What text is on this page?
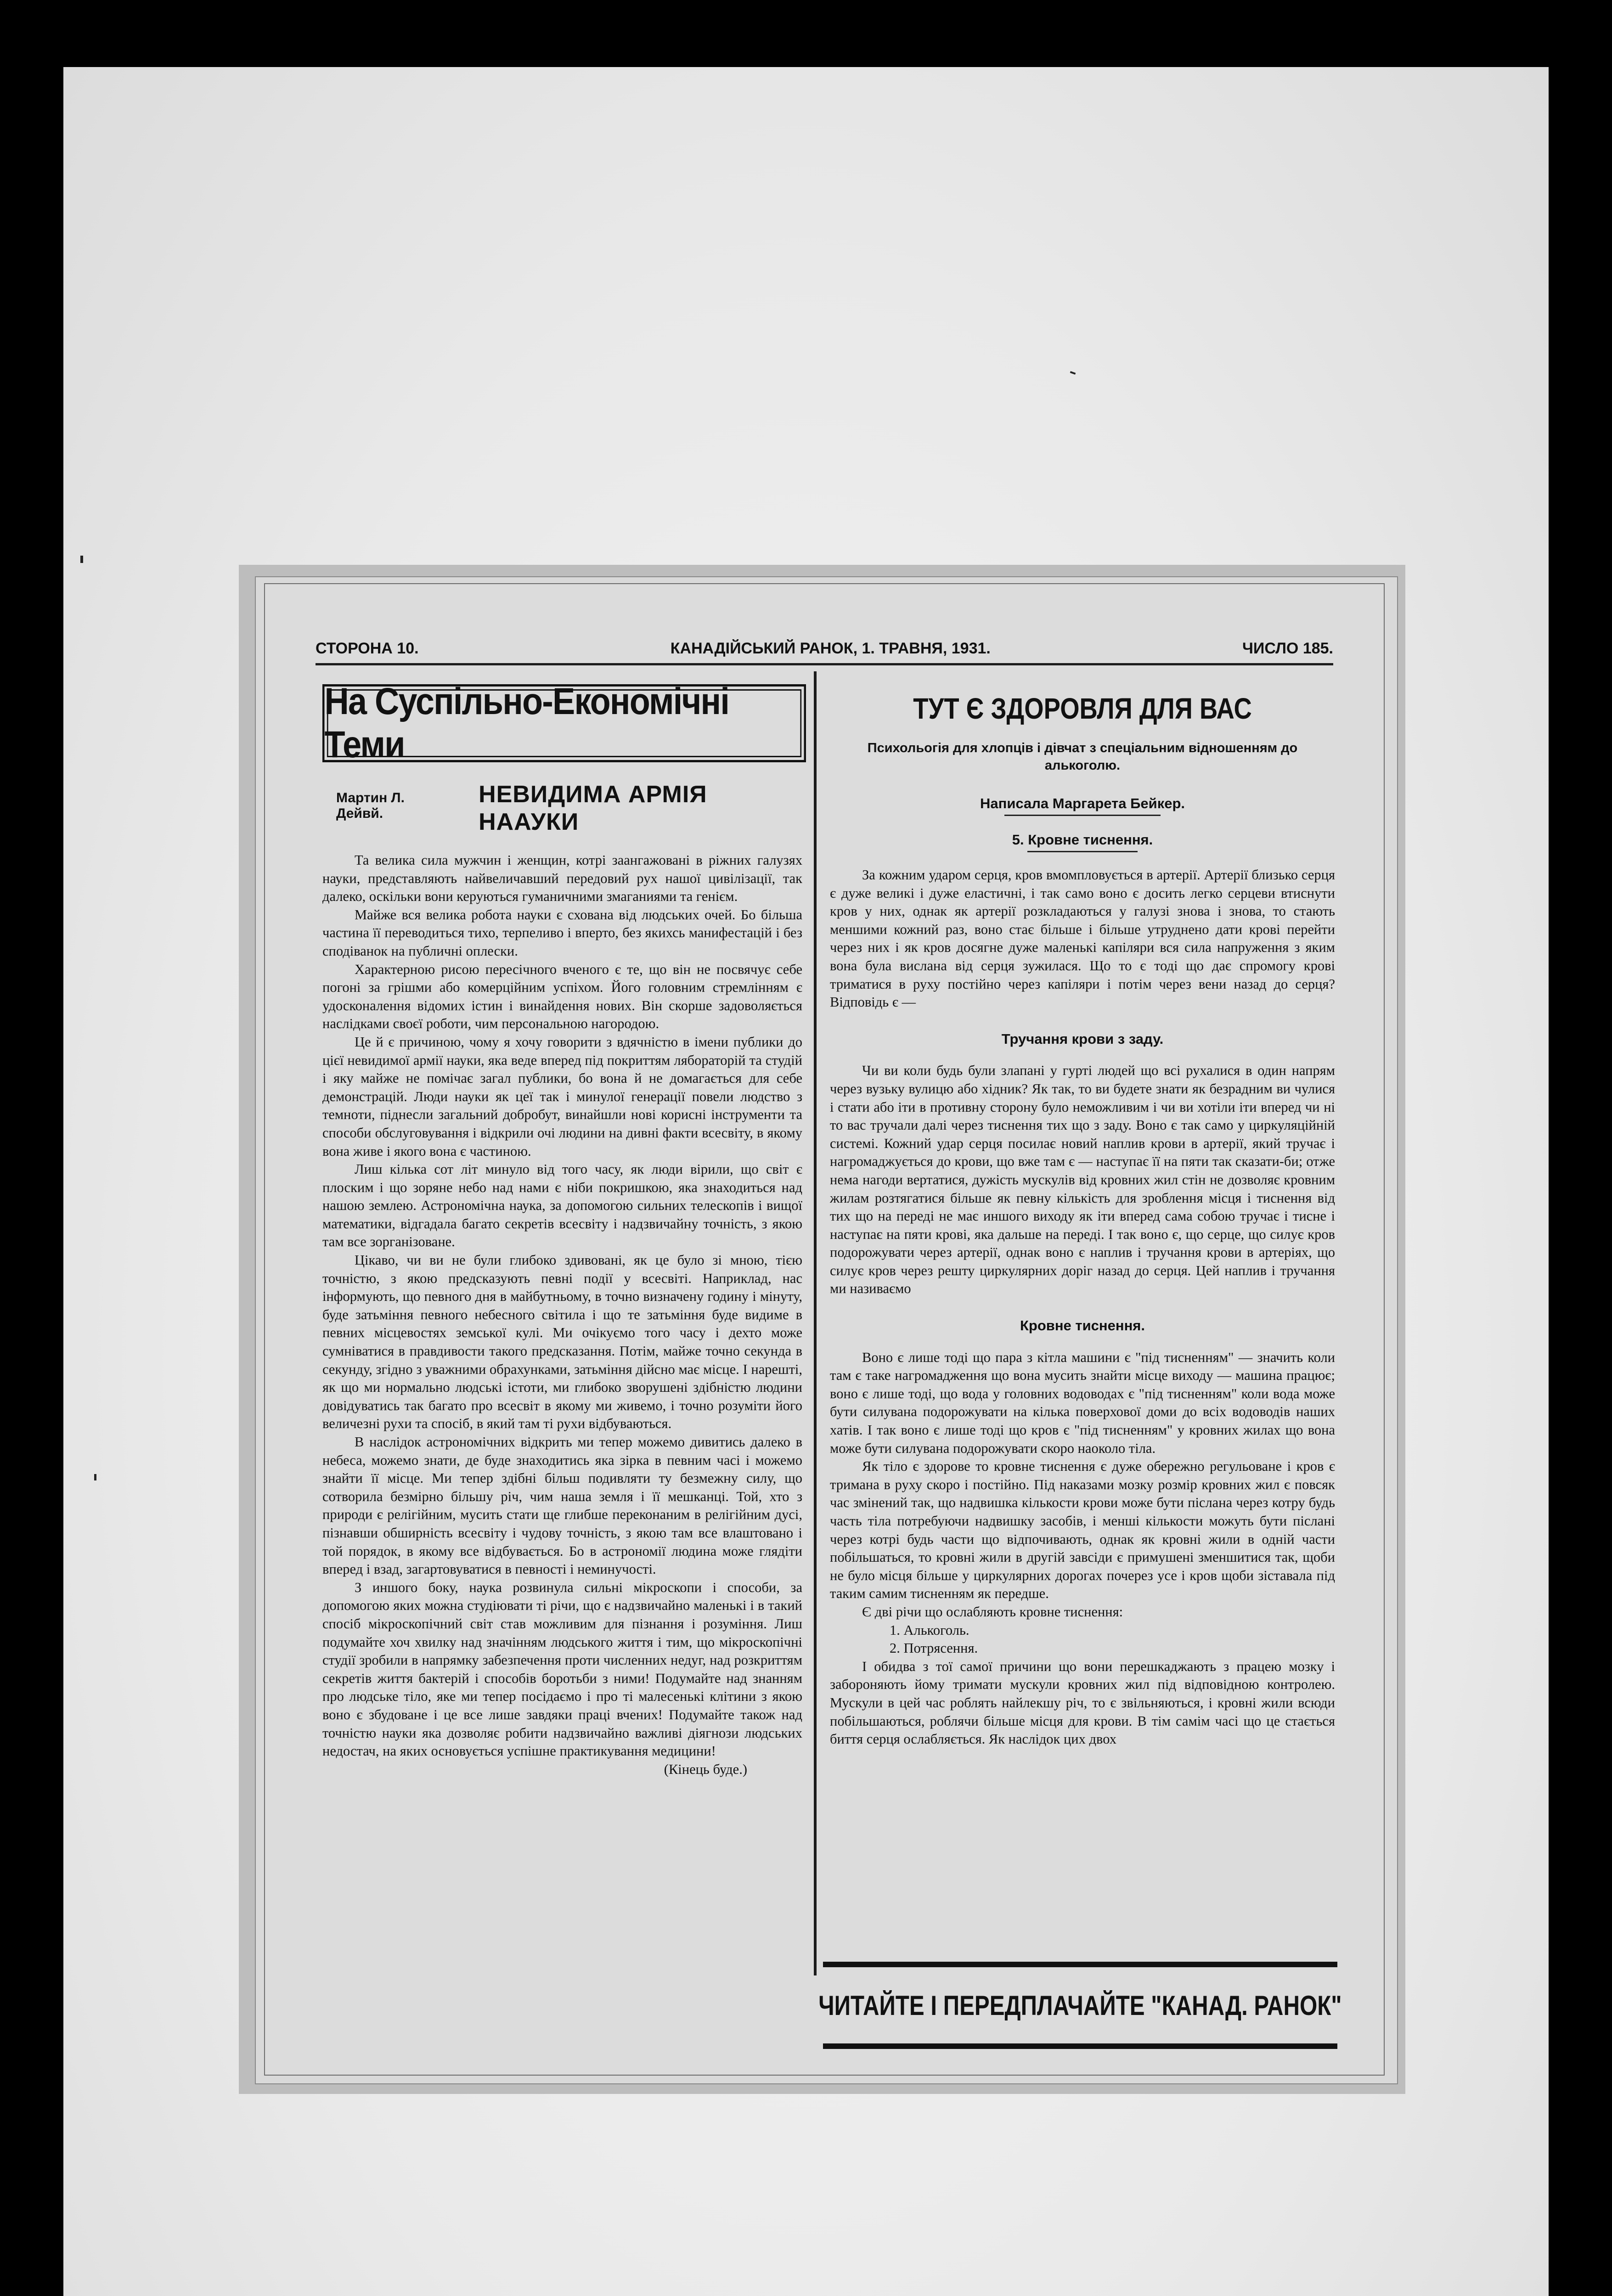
СТОРОНА 10.	КАНАДІЙСЬКИЙ РАНОК, 1. ТРАВНЯ, 1931.	ЧИСЛО 185.
На Суспільно-Економічні Теми
Мартин Л. Дейвй.
НЕВИДИМА АРМІЯ НААУКИ

Та велика сила мужчин і женщин, котрі заангажовані в ріжних галузях науки, представляють найвеличавший передовий рух нашої цивілізації, так далеко, оскільки вони керуються гуманичними змаганиями та генієм.

Майже вся велика робота науки є схована від людських очей. Бо більша частина її переводиться тихо, терпеливо і вперто, без якихсь манифестацій і без сподіванок на публичні оплески.

Характерною рисою пересічного вченого є те, що він не посвячує себе погоні за грішми або комерційним успіхом. Його головним стремлінням є удосконалення відомих істин і винайдення нових. Він скорше задоволяється наслідками своєї роботи, чим персональною нагородою.

Це й є причиною, чому я хочу говорити з вдячністю в імени публики до цієї невидимої армії науки, яка веде вперед під покриттям лябораторій та студій і яку майже не помічає загал публики, бо вона й не домагається для себе демонстрацій. Люди науки як цеї так і минулої генерації повели людство з темноти, піднесли загальний добробут, винайшли нові корисні інструменти та способи обслуговування і відкрили очі людини на дивні факти всесвіту, в якому вона живе і якого вона є частиною.

Лиш кілька сот літ минуло від того часу, як люди вірили, що світ є плоским і що зоряне небо над нами є ніби покришкою, яка знаходиться над нашою землею. Астрономічна наука, за допомогою сильних телескопів і вищої математики, відгадала багато секретів всесвіту і надзвичайну точність, з якою там все зорганізоване.

Цікаво, чи ви не були глибоко здивовані, як це було зі мною, тією точністю, з якою предсказують певні події у всесвіті. Наприклад, нас інформують, що певного дня в майбутньому, в точно визначену годину і мінуту, буде затьміння певного небесного світила і що те затьміння буде видиме в певних місцевостях земської кулі. Ми очікуємо того часу і дехто може сумніватися в правдивости такого предсказання. Потім, майже точно секунда в секунду, згідно з уважними обрахунками, затьміння дійсно має місце. І нарешті, як що ми нормально людські істоти, ми глибоко зворушені здібністю людини довідуватись так багато про всесвіт в якому ми живемо, і точно розуміти його величезні рухи та спосіб, в який там ті рухи відбуваються.

В наслідок астрономічних відкрить ми тепер можемо дивитись далеко в небеса, можемо знати, де буде знаходитись яка зірка в певним часі і можемо знайти її місце. Ми тепер здібні більш подивляти ту безмежну силу, що сотворила безмірно більшу річ, чим наша земля і її мешканці. Той, хто з природи є релігійним, мусить стати ще глибше переконаним в релігійним дусі, пізнавши обширність всесвіту і чудову точність, з якою там все влаштовано і той порядок, в якому все відбувається. Бо в астрономії людина може глядіти вперед і взад, загартовуватися в певності і неминучості.

З иншого боку, наука розвинула сильні мікроскопи і способи, за допомогою яких можна студіювати ті річи, що є надзвичайно маленькі і в такий спосіб мікроскопічний світ став можливим для пізнання і розуміння. Лиш подумайте хоч хвилку над значінням людського життя і тим, що мікроскопічні студії зробили в напрямку забезпечення проти численних недуг, над розкриттям секретів життя бактерій і способів боротьби з ними! Подумайте над знанням про людське тіло, яке ми тепер посідаємо і про ті малесенькі клітини з якою воно є збудоване і це все лише завдяки праці вчених! Подумайте також над точністю науки яка дозволяє робити надзвичайно важливі діягнози людських недостач, на яких основується успішне практикування медицини!

(Кінець буде.)

ТУТ Є ЗДОРОВЛЯ ДЛЯ ВАС
Психольогія для хлопців і дівчат з спеціальним відношенням до алькоголю.
Написала Маргарета Бейкер.
5. Кровне тиснення.

За кожним ударом серця, кров вмомпловується в артерії. Артерії близько серця є дуже великі і дуже еластичні, і так само воно є досить легко серцеви втиснути кров у них, однак як артерії розкладаються у галузі знова і знова, то стають меншими кожний раз, воно стає більше і більше утруднено дати крові перейти через них і як кров досягне дуже маленькі капіляри вся сила напруження з яким вона була вислана від серця зужилася. Що то є тоді що дає спромогу крові триматися в руху постійно через капіляри і потім через вени назад до серця? Відповідь є —

Тручання крови з заду.

Чи ви коли будь були злапані у гурті людей що всі рухалися в один напрям через вузьку вулицю або хідник? Як так, то ви будете знати як безрадним ви чулися і стати або іти в противну сторону було неможливим і чи ви хотіли іти вперед чи ні то вас тручали далі через тиснення тих що з заду. Воно є так само у циркуляційній системі. Кожний удар серця посилає новий наплив крови в артерії, який тручає і нагромаджується до крови, що вже там є — наступає її на пяти так сказати-би; отже нема нагоди вертатися, дужість мускулів від кровних жил стін не дозволяє кровним жилам розтягатися більше як певну кількість для зроблення місця і тиснення від тих що на переді не має иншого виходу як іти вперед сама собою тручає і тисне і наступає на пяти крові, яка дальше на переді. І так воно є, що серце, що силує кров подорожувати через артерії, однак воно є наплив і тручання крови в артеріях, що силує кров через решту циркулярних доріг назад до серця. Цей наплив і тручання ми називаємо

Кровне тиснення.

Воно є лише тоді що пара з кітла машини є "під тисненням" — значить коли там є таке нагромадження що вона мусить знайти місце виходу — машина працює; воно є лише тоді, що вода у головних водоводах є "під тисненням" коли вода може бути силувана подорожувати на кілька поверхової доми до всіх водоводів наших хатів. І так воно є лише тоді що кров є "під тисненням" у кровних жилах що вона може бути силувана подорожувати скоро наоколо тіла.

Як тіло є здорове то кровне тиснення є дуже обережно регульоване і кров є тримана в руху скоро і постійно. Під наказами мозку розмір кровних жил є повсяк час змінений так, що надвишка кількости крови може бути післана через котру будь часть тіла потребуючи надвишку засобів, і менші кількости можуть бути післані через котрі будь части що відпочивають, однак як кровні жили в одній части побільшаться, то кровні жили в другій завсіди є примушені зменшитися так, щоби не було місця більше у циркулярних дорогах почерез усе і кров щоби зіставала під таким самим тисненням як передше.

Є дві річи що ослабляють кровне тиснення:

1. Алькоголь.
2. Потрясення.

І обидва з тої самої причини що вони перешкаджають з працею мозку і забороняють йому тримати мускули кровних жил під відповідною контролею. Мускули в цей час роблять найлекшу річ, то є звільняються, і кровні жили всюди побільшаються, роблячи більше місця для крови. В тім самім часі що це стається биття серця ослабляється. Як наслідок цих двох

ЧИТАЙТЕ І ПЕРЕДПЛАЧАЙТЕ "КАНАД. РАНОК"
